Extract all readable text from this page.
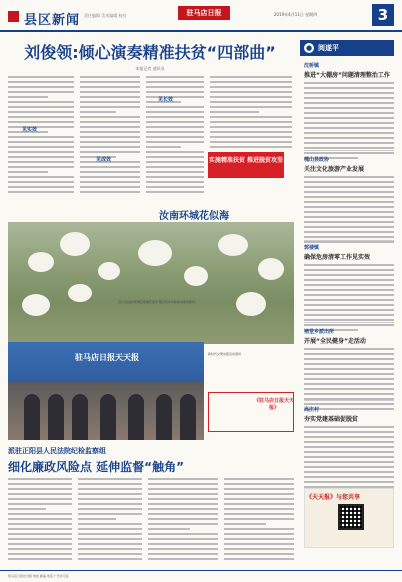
县区新闻 责任编辑 美术编辑 校对	驻马店日报	2019年4月11日 星期四	3
刘俊领:倾心演奏精准扶贫“四部曲”
本报记者 通讯员
见实效
见成效
见长效
实施精准扶贫 推进脱贫攻坚
汝南环城花似海
近日,汝南县环城百里梨花盛开,吸引众多市民前来观赏游玩。
驻马店日报天天报	新时代文明实践活动现场
《驻马店日报天天报》
派驻正阳县人民法院纪检监察组
细化廉政风险点 延伸监督“触角”
阅遂平
●
沈桥镇
推进“大棚房”问题清理整治工作
槐山县政协
关注文化旅游产业发展
郭楼镇
确保危房清零工作见实效
褚堂乡派出所
开展“全民健身”走活动
高庄村
夯实党建基础促脱贫
《天天报》与您共享
驻马店日报社出版 地址 邮编 电话 广告许可证
